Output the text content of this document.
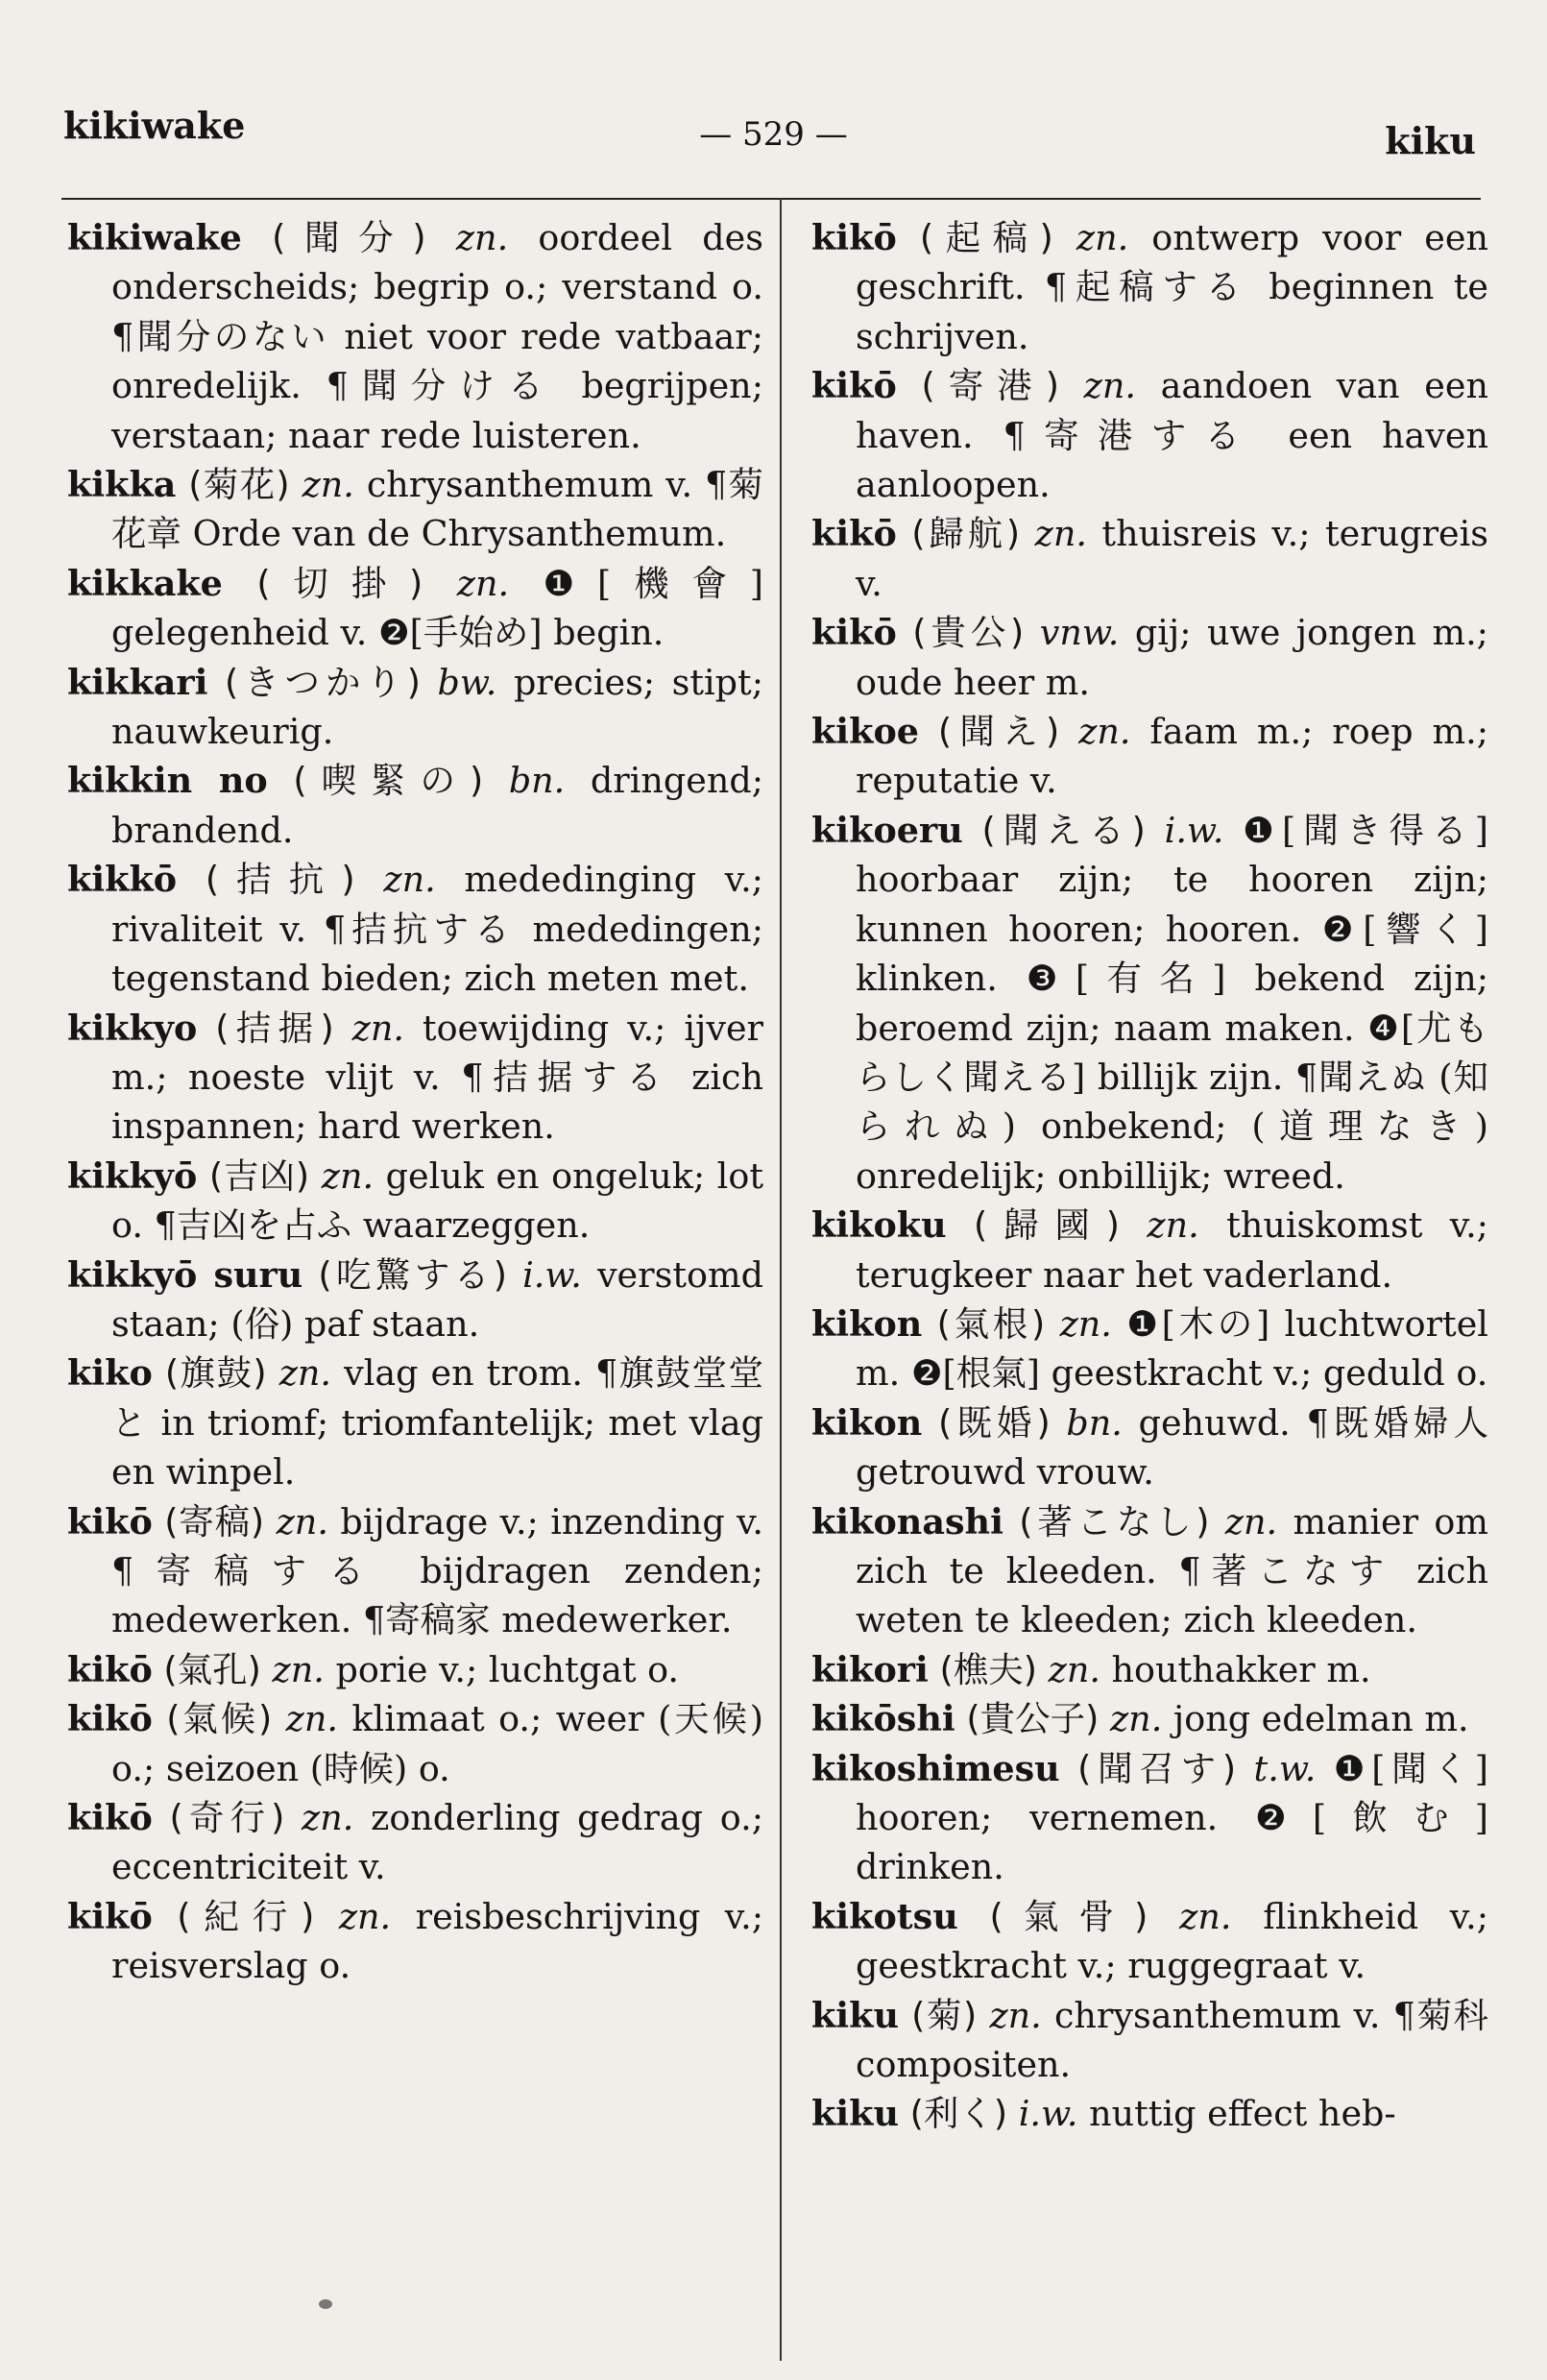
kikiwake	— 529 —	kiku

kikiwake (聞分) zn. oordeel des onderscheids; begrip o.; verstand o. ¶聞分のない niet voor rede vatbaar; onredelijk. ¶聞分ける begrijpen; verstaan; naar rede luisteren.

kikka (菊花) zn. chrysanthemum v. ¶菊花章 Orde van de Chrysanthemum.

kikkake (切掛) zn. ❶[機會] gelegenheid v. ❷[手始め] begin.

kikkari (きつかり) bw. precies; stipt; nauwkeurig.

kikkin no (喫緊の) bn. dringend; brandend.

kikkō (拮抗) zn. mededinging v.; rivaliteit v. ¶拮抗する mededingen; tegenstand bieden; zich meten met.

kikkyo (拮据) zn. toewijding v.; ijver m.; noeste vlijt v. ¶拮据する zich inspannen; hard werken.

kikkyō (吉凶) zn. geluk en ongeluk; lot o. ¶吉凶を占ふ waarzeggen.

kikkyō suru (吃驚する) i.w. verstomd staan; (俗) paf staan.

kiko (旗鼓) zn. vlag en trom. ¶旗鼓堂堂と in triomf; triomfantelijk; met vlag en winpel.

kikō (寄稿) zn. bijdrage v.; inzending v. ¶寄稿する bijdragen zenden; medewerken. ¶寄稿家 medewerker.

kikō (氣孔) zn. porie v.; luchtgat o.

kikō (氣候) zn. klimaat o.; weer (天候) o.; seizoen (時候) o.

kikō (奇行) zn. zonderling gedrag o.; eccentriciteit v.

kikō (紀行) zn. reisbeschrijving v.; reisverslag o.

kikō (起稿) zn. ontwerp voor een geschrift. ¶起稿する beginnen te schrijven.

kikō (寄港) zn. aandoen van een haven. ¶寄港する een haven aanloopen.

kikō (歸航) zn. thuisreis v.; terugreis v.

kikō (貴公) vnw. gij; uwe jongen m.; oude heer m.

kikoe (聞え) zn. faam m.; roep m.; reputatie v.

kikoeru (聞える) i.w. ❶[聞き得る] hoorbaar zijn; te hooren zijn; kunnen hooren; hooren. ❷[響く] klinken. ❸[有名] bekend zijn; beroemd zijn; naam maken. ❹[尤もらしく聞える] billijk zijn. ¶聞えぬ (知られぬ) onbekend; (道理なき) onredelijk; onbillijk; wreed.

kikoku (歸國) zn. thuiskomst v.; terugkeer naar het vaderland.

kikon (氣根) zn. ❶[木の] luchtwortel m. ❷[根氣] geestkracht v.; geduld o.

kikon (既婚) bn. gehuwd. ¶既婚婦人 getrouwd vrouw.

kikonashi (著こなし) zn. manier om zich te kleeden. ¶著こなす zich weten te kleeden; zich kleeden.

kikori (樵夫) zn. houthakker m.

kikōshi (貴公子) zn. jong edelman m.

kikoshimesu (聞召す) t.w. ❶[聞く] hooren; vernemen. ❷[飲む] drinken.

kikotsu (氣骨) zn. flinkheid v.; geestkracht v.; ruggegraat v.

kiku (菊) zn. chrysanthemum v. ¶菊科 compositen.

kiku (利く) i.w. nuttig effect heb-
